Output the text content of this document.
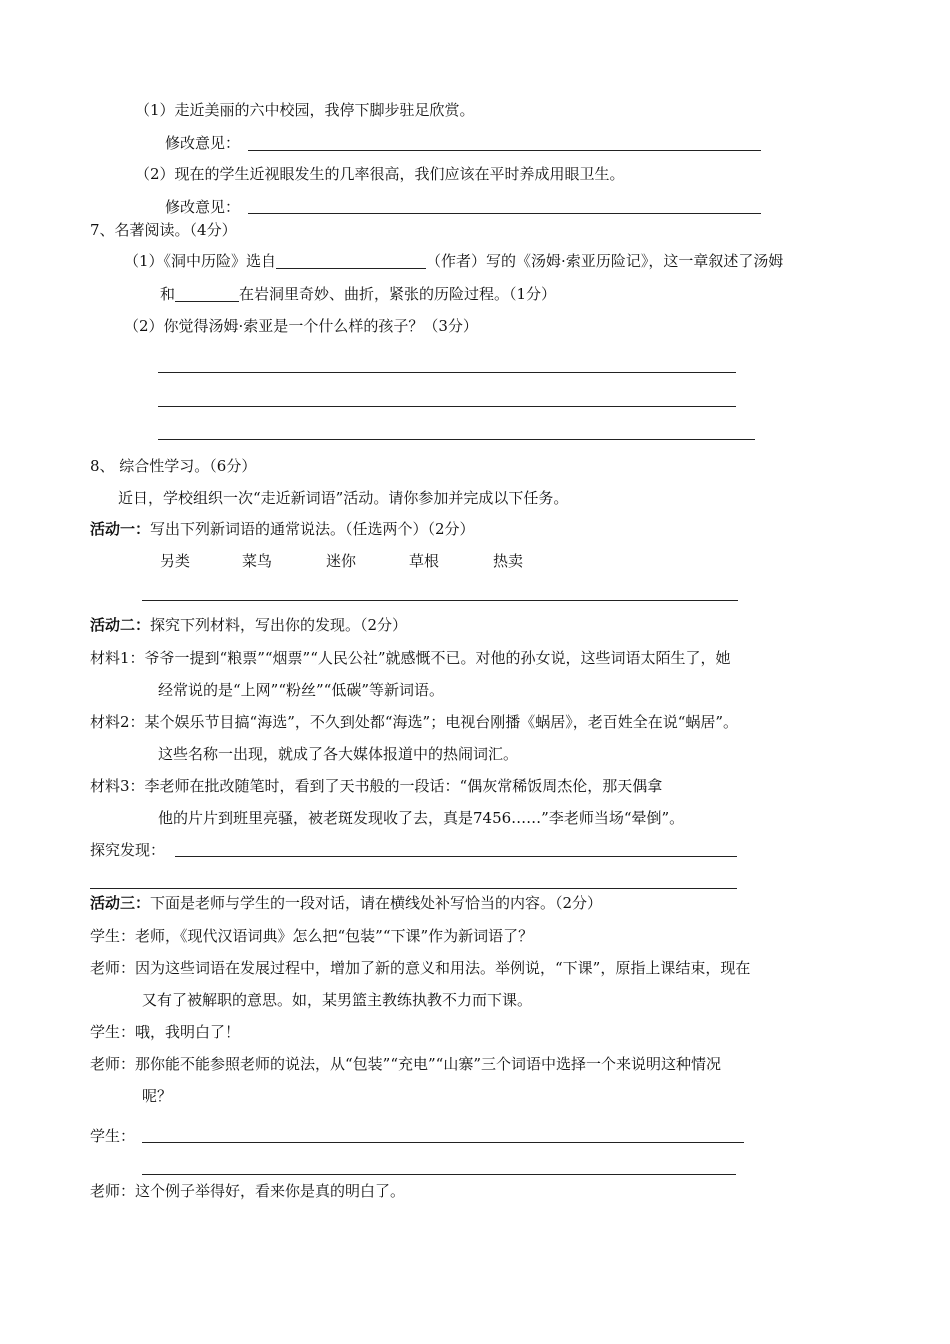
（1）走近美丽的六中校园，我停下脚步驻足欣赏。
修改意见：
（2）现在的学生近视眼发生的几率很高，我们应该在平时养成用眼卫生。
修改意见：
7、名著阅读。（4分）
（1）《洞中历险》选自	（作者）写的《汤姆·索亚历险记》，这一章叙述了汤姆
和	在岩洞里奇妙、曲折，紧张的历险过程。（1分）
（2）你觉得汤姆·索亚是一个什么样的孩子？（3分）
8、 综合性学习。（6分）
近日，学校组织一次“走近新词语”活动。请你参加并完成以下任务。
活动一：写出下列新词语的通常说法。（任选两个）（2分）
另类	菜鸟	迷你	草根	热卖
活动二：探究下列材料，写出你的发现。（2分）
材料1：爷爷一提到“粮票”“烟票”“人民公社”就感慨不已。对他的孙女说，这些词语太陌生了，她
经常说的是“上网”“粉丝”“低碳”等新词语。
材料2：某个娱乐节目搞“海选”，不久到处都“海选”；电视台刚播《蜗居》，老百姓全在说“蜗居”。
这些名称一出现，就成了各大媒体报道中的热闹词汇。
材料3：李老师在批改随笔时，看到了天书般的一段话：“偶灰常稀饭周杰伦，那天偶拿
他的片片到班里亮骚，被老斑发现收了去，真是7456……”李老师当场“晕倒”。
探究发现：
活动三：下面是老师与学生的一段对话，请在横线处补写恰当的内容。（2分）
学生：老师，《现代汉语词典》怎么把“包装”“下课”作为新词语了？
老师：因为这些词语在发展过程中，增加了新的意义和用法。举例说，“下课”，原指上课结束，现在
又有了被解职的意思。如，某男篮主教练执教不力而下课。
学生：哦，我明白了！
老师：那你能不能参照老师的说法，从“包装”“充电”“山寨”三个词语中选择一个来说明这种情况
呢？
学生：
老师：这个例子举得好，看来你是真的明白了。
